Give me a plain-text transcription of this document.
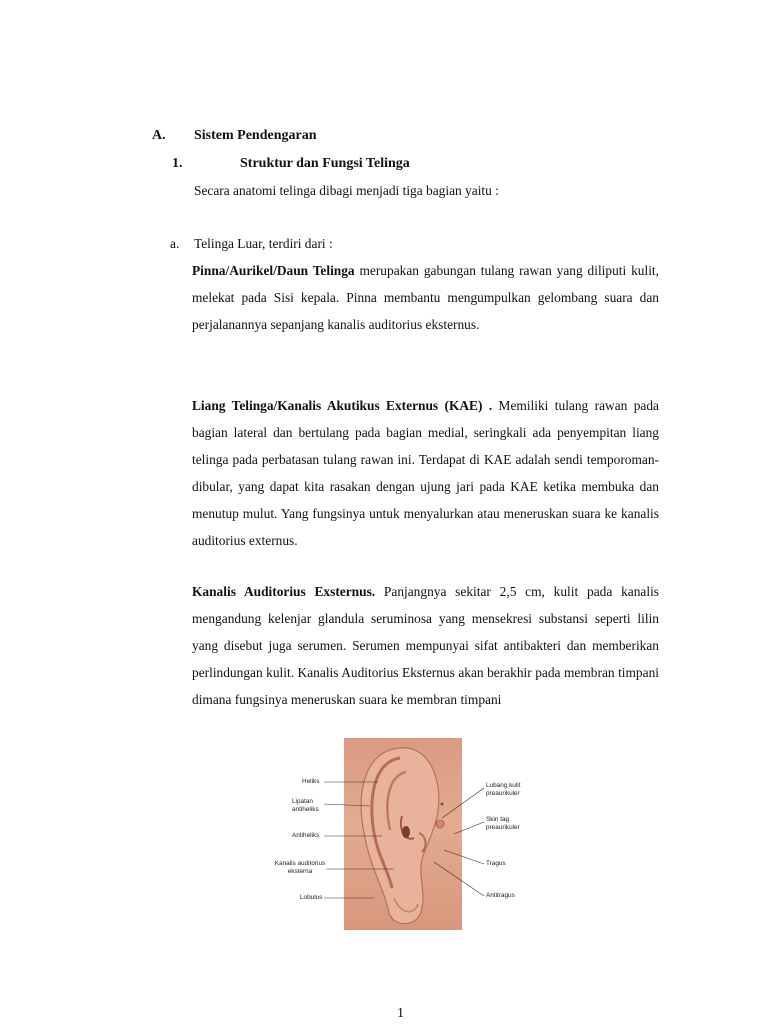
A. Sistem Pendengaran
1.	Struktur dan Fungsi Telinga
Secara anatomi telinga dibagi menjadi tiga bagian yaitu :
a. Telinga Luar, terdiri dari :

Pinna/Aurikel/Daun Telinga merupakan gabungan tulang rawan yang diliputi kulit, melekat pada Sisi kepala. Pinna membantu mengumpulkan gelombang suara dan perjalanannya sepanjang kanalis auditorius eksternus.

Liang Telinga/Kanalis Akutikus Externus (KAE) . Memiliki tulang rawan pada bagian lateral dan bertulang pada bagian medial, seringkali ada penyempitan liang telinga pada perbatasan tulang rawan ini. Terdapat di KAE adalah sendi temporoman-dibular, yang dapat kita rasakan dengan ujung jari pada KAE ketika membuka dan menutup mulut. Yang fungsinya untuk menyalurkan atau meneruskan suara ke kanalis auditorius externus.

Kanalis Auditorius Exsternus. Panjangnya sekitar 2,5 cm, kulit pada kanalis mengandung kelenjar glandula seruminosa yang mensekresi substansi seperti lilin yang disebut juga serumen. Serumen mempunyai sifat antibakteri dan memberikan perlindungan kulit. Kanalis Auditorius Eksternus akan berakhir pada membran timpani dimana fungsinya meneruskan suara ke membran timpani

Heliks
Lipatan antiheliks
Antiheliks
Kanalis auditorius eksterna
Lobulus
Lubang kulit preaurikuler
Skin tag preaurikuler
Tragus
Antitragus
1
